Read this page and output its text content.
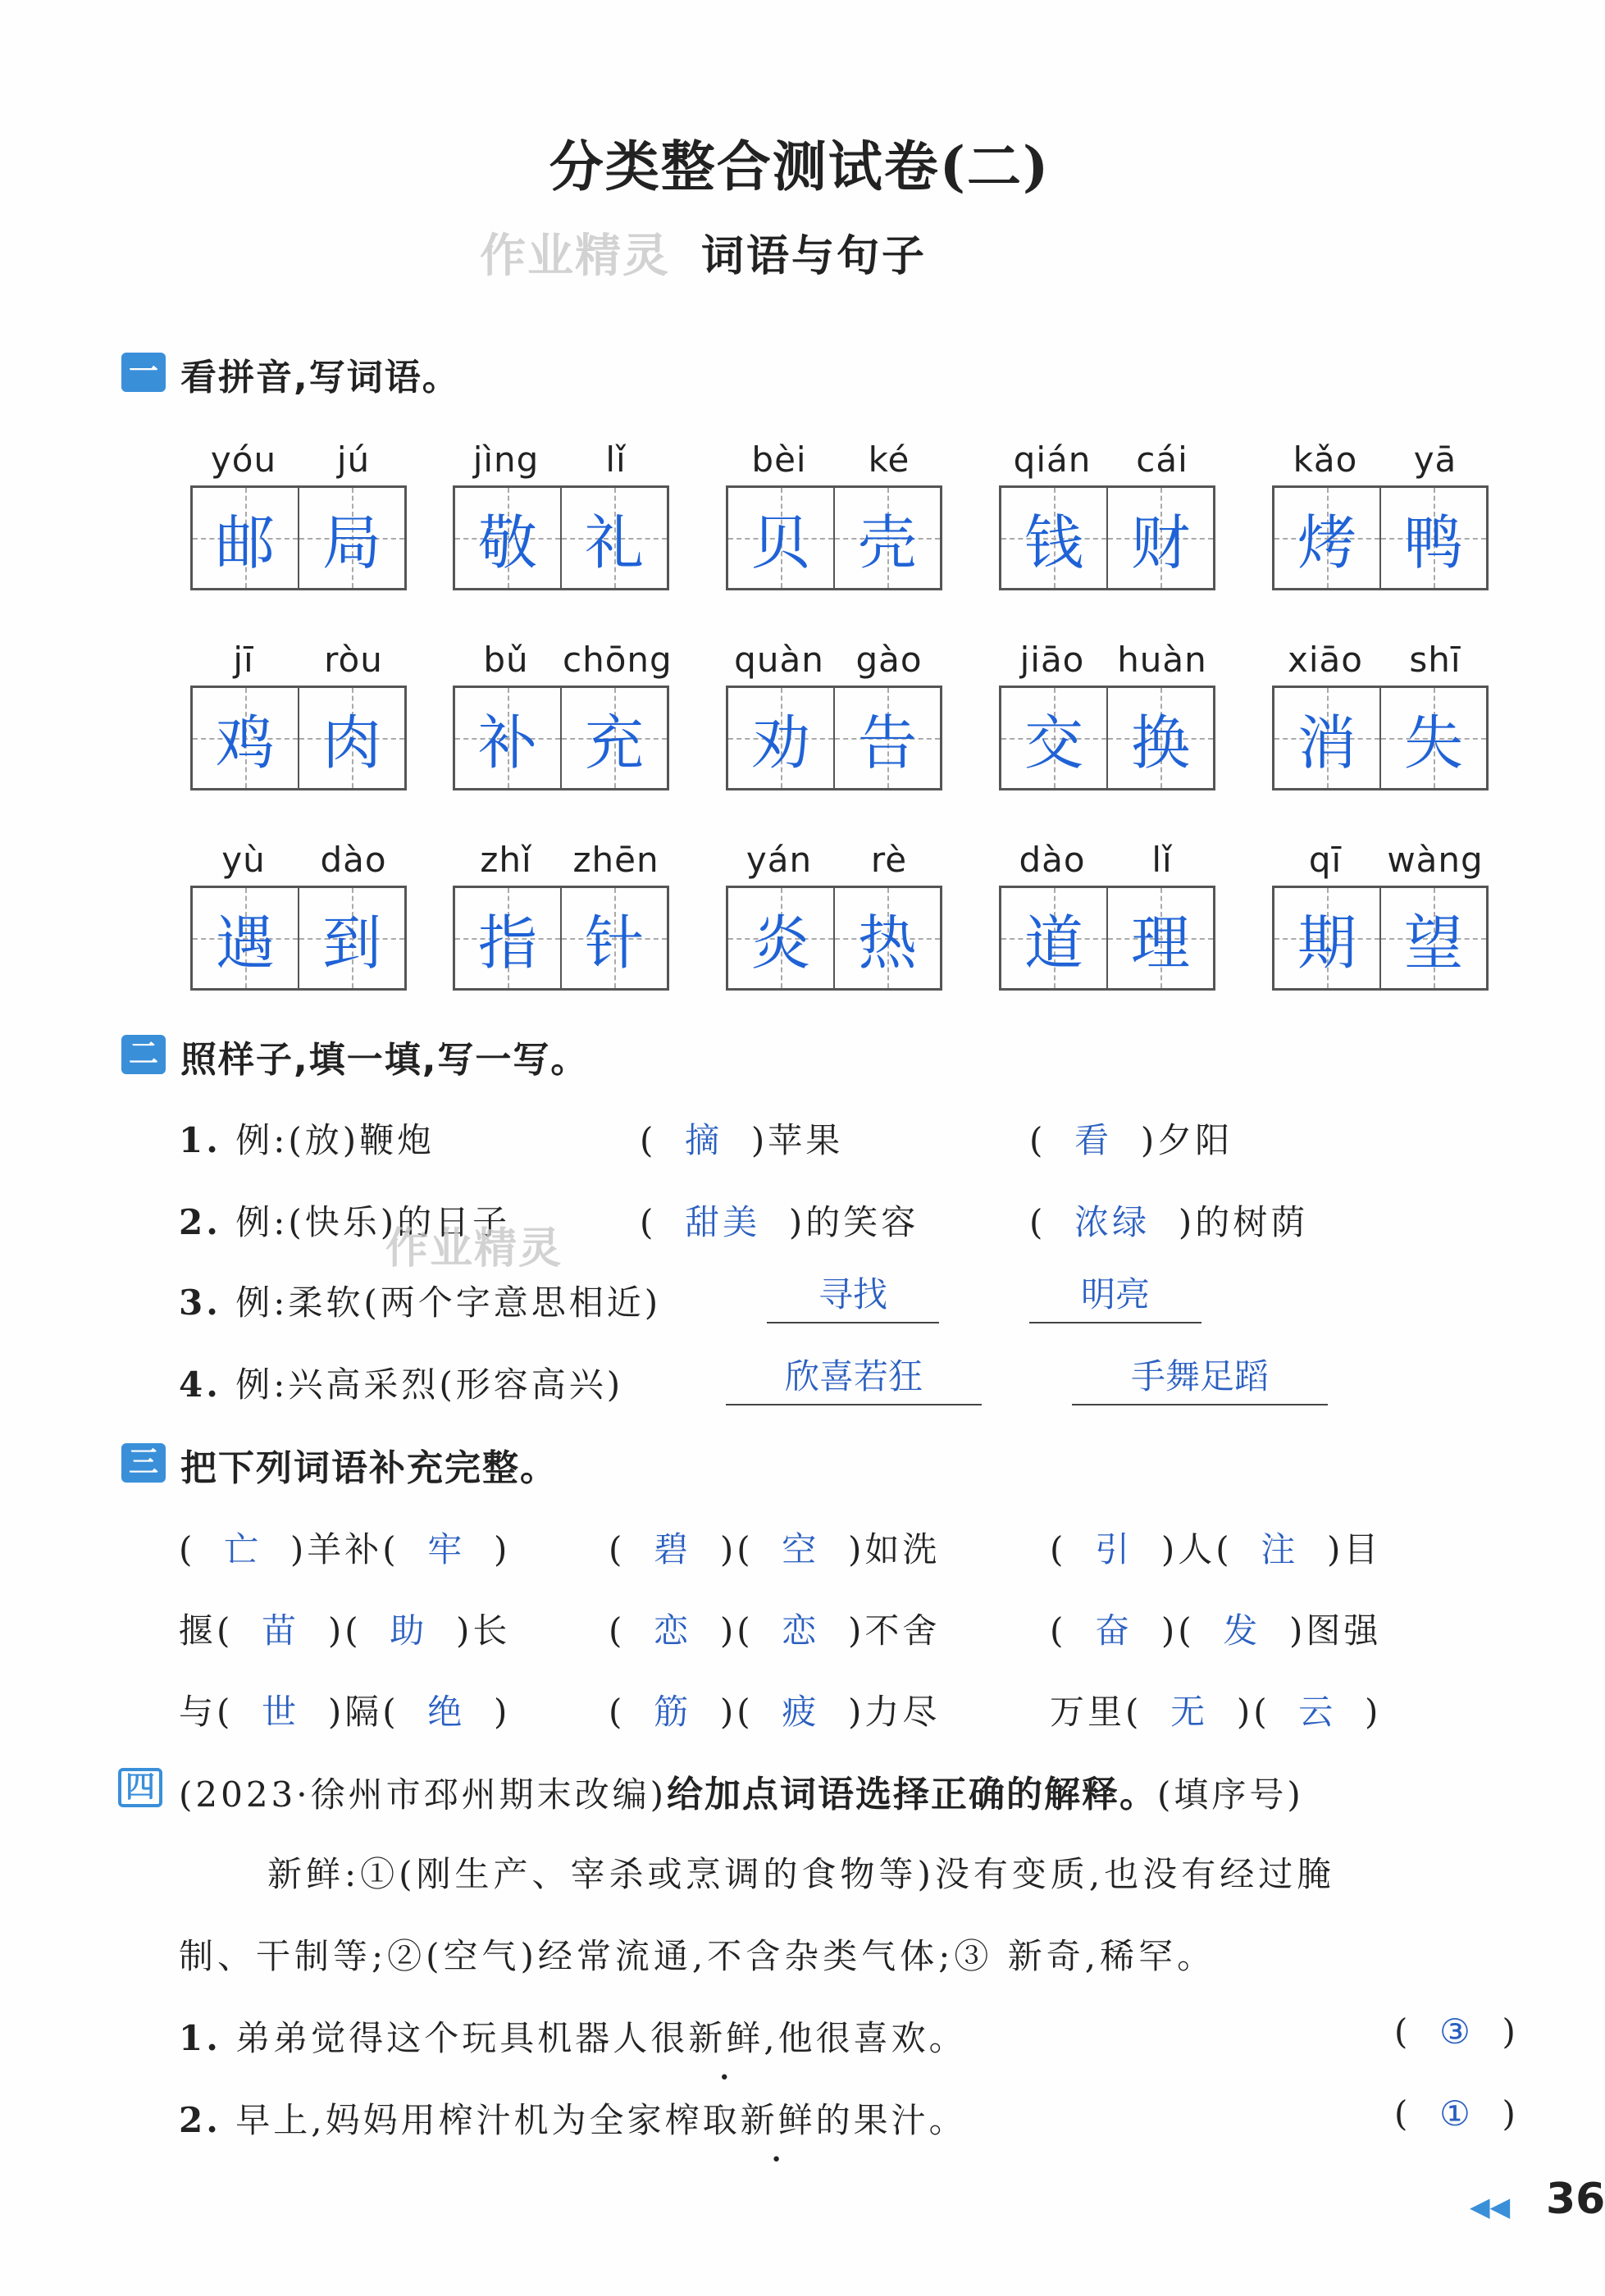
分类整合测试卷(二)
作业精灵 词语与句子
一 看拼音,写词语。
yóu	jú
邮 局
jìng	lǐ
敬 礼
bèi	ké
贝 壳
qián	cái
钱 财
kǎo	yā
烤 鸭
jī	ròu
鸡 肉
bǔ chōng
补 充
quàn gào
劝 告
jiāo huàn
交 换
xiāo	shī
消 失
yù	dào
遇 到
zhǐ	zhēn
指 针
yán	rè
炎 热
dào	lǐ
道 理
qī	wàng
期 望
二 照样子,填一填,写一写。
1. 例:(放)鞭炮	( 摘 )苹果	( 看 )夕阳
2. 例:(快乐)的日子	( 甜美 )的笑容	( 浓绿 )的树荫
作业精灵
3. 例:柔软(两个字意思相近)	寻找	明亮
4. 例:兴高采烈(形容高兴)	欣喜若狂	手舞足蹈
三 把下列词语补充完整。
( 亡 )羊补( 牢 )	( 碧 )( 空 )如洗	( 引 )人( 注 )目
揠( 苗 )( 助 )长	( 恋 )( 恋 )不舍	( 奋 )( 发 )图强
与( 世 )隔( 绝 )	( 筋 )( 疲 )力尽	万里( 无 )( 云 )
四 (2023·徐州市邳州期末改编)给加点词语选择正确的解释。(填序号)
新鲜:①(刚生产、宰杀或烹调的食物等)没有变质,也没有经过腌
制、干制等;②(空气)经常流通,不含杂类气体;③ 新奇,稀罕。
1. 弟弟觉得这个玩具机器人很新鲜,他很喜欢。	( ③ )
2. 早上,妈妈用榨汁机为全家榨取新鲜的果汁。	( ① )
◀◀ 36
